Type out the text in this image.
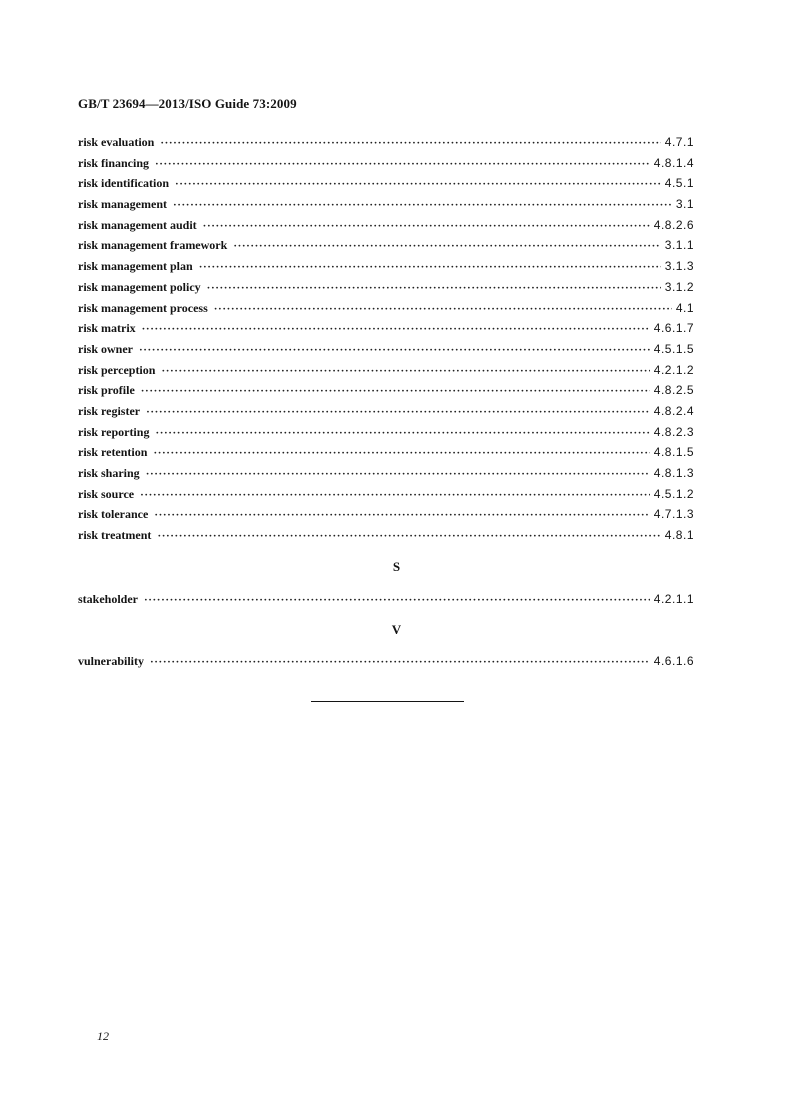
GB/T 23694—2013/ISO Guide 73:2009
risk evaluation ·····	4.7.1
risk financing ·····	4.8.1.4
risk identification ·····	4.5.1
risk management ·····	3.1
risk management audit ·····	4.8.2.6
risk management framework ·····	3.1.1
risk management plan ·····	3.1.3
risk management policy ·····	3.1.2
risk management process ·····	4.1
risk matrix ·····	4.6.1.7
risk owner ·····	4.5.1.5
risk perception ·····	4.2.1.2
risk profile ·····	4.8.2.5
risk register ·····	4.8.2.4
risk reporting ·····	4.8.2.3
risk retention ·····	4.8.1.5
risk sharing ·····	4.8.1.3
risk source ·····	4.5.1.2
risk tolerance ·····	4.7.1.3
risk treatment ·····	4.8.1
S
stakeholder ·····	4.2.1.1
V
vulnerability ·····	4.6.1.6
12
